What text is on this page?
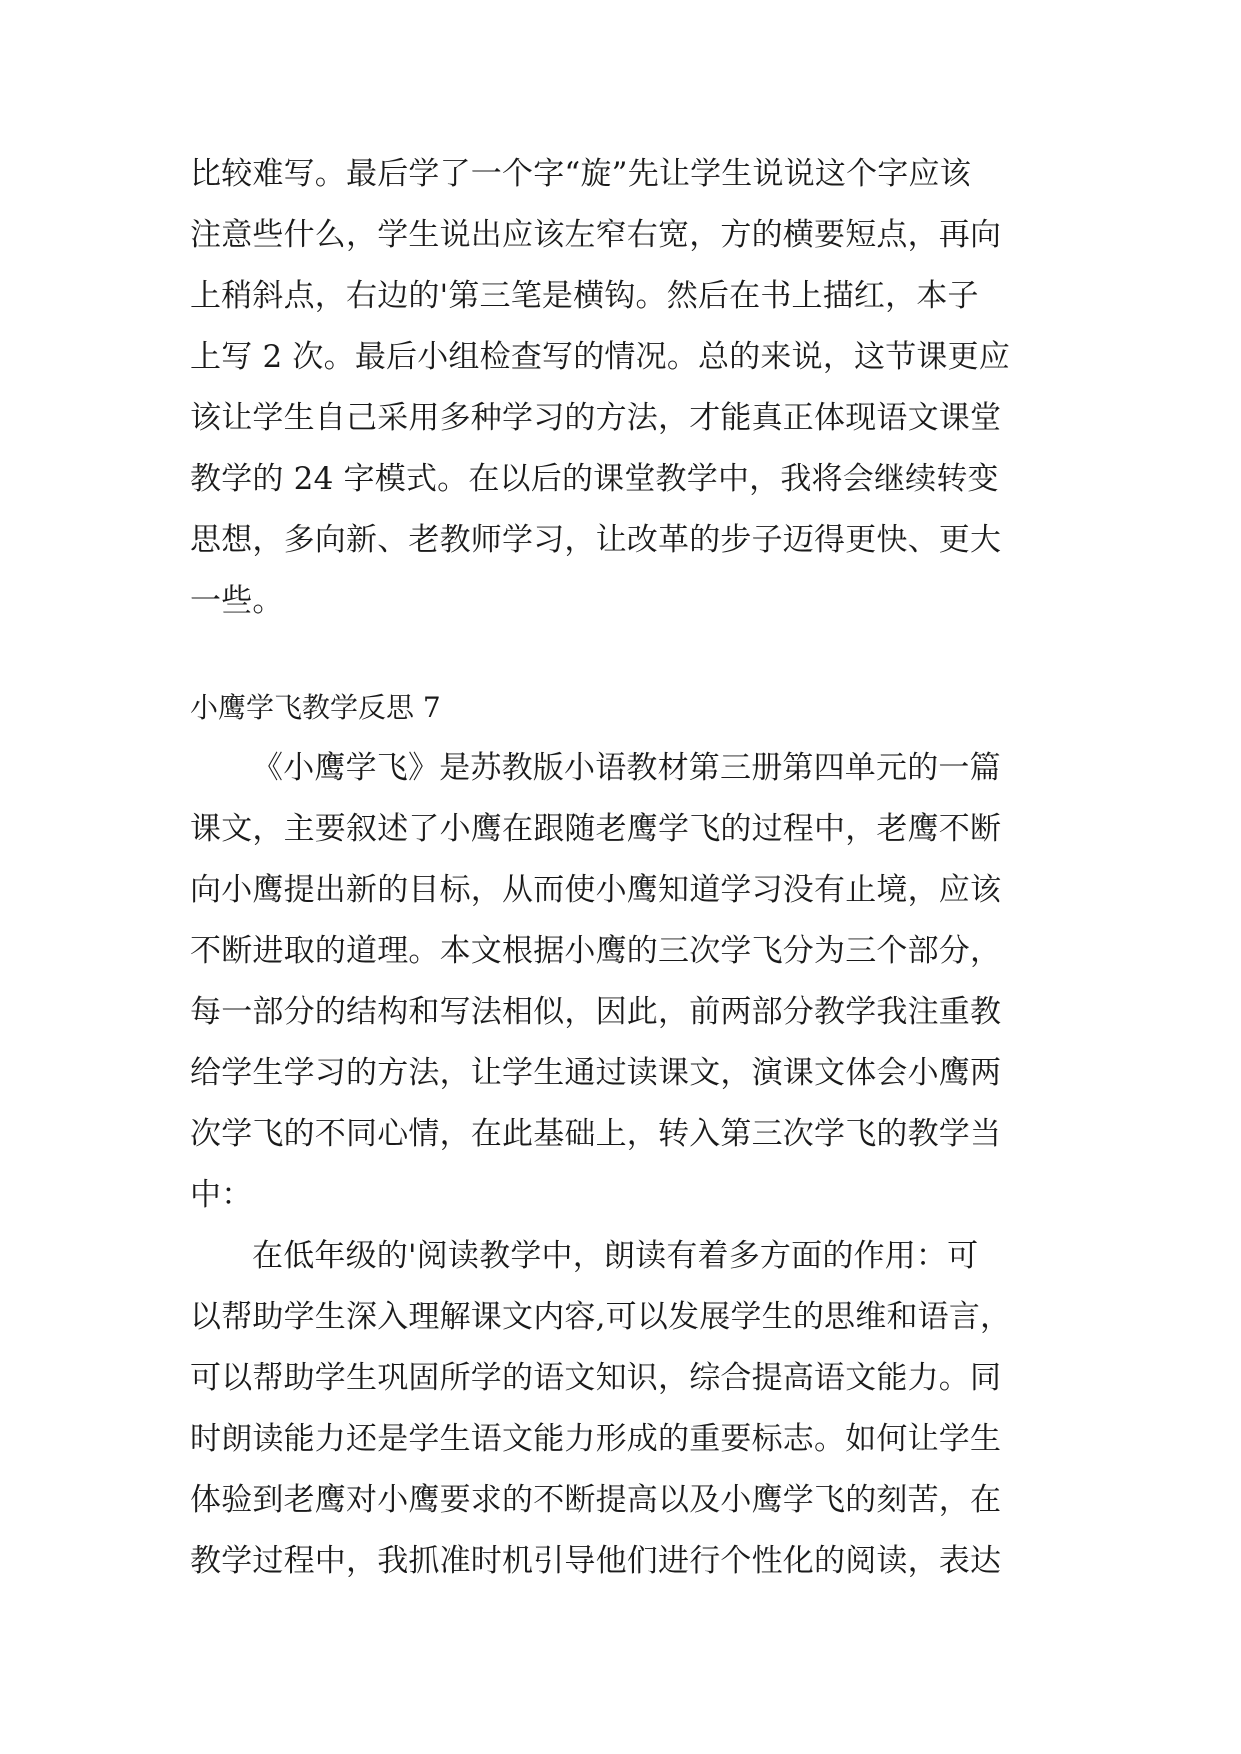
比较难写。最后学了一个字“旋”先让学生说说这个字应该
注意些什么，学生说出应该左窄右宽，方的横要短点，再向
上稍斜点，右边的'第三笔是横钩。然后在书上描红，本子
上写 2 次。最后小组检查写的情况。总的来说，这节课更应
该让学生自己采用多种学习的方法，才能真正体现语文课堂
教学的 24 字模式。在以后的课堂教学中，我将会继续转变
思想，多向新、老教师学习，让改革的步子迈得更快、更大
一些。
小鹰学飞教学反思 7
《小鹰学飞》是苏教版小语教材第三册第四单元的一篇
课文，主要叙述了小鹰在跟随老鹰学飞的过程中，老鹰不断
向小鹰提出新的目标，从而使小鹰知道学习没有止境，应该
不断进取的道理。本文根据小鹰的三次学飞分为三个部分，
每一部分的结构和写法相似，因此，前两部分教学我注重教
给学生学习的方法，让学生通过读课文，演课文体会小鹰两
次学飞的不同心情，在此基础上，转入第三次学飞的教学当
中：
在低年级的'阅读教学中，朗读有着多方面的作用：可
以帮助学生深入理解课文内容,可以发展学生的思维和语言，
可以帮助学生巩固所学的语文知识，综合提高语文能力。同
时朗读能力还是学生语文能力形成的重要标志。如何让学生
体验到老鹰对小鹰要求的不断提高以及小鹰学飞的刻苦，在
教学过程中，我抓准时机引导他们进行个性化的阅读，表达
